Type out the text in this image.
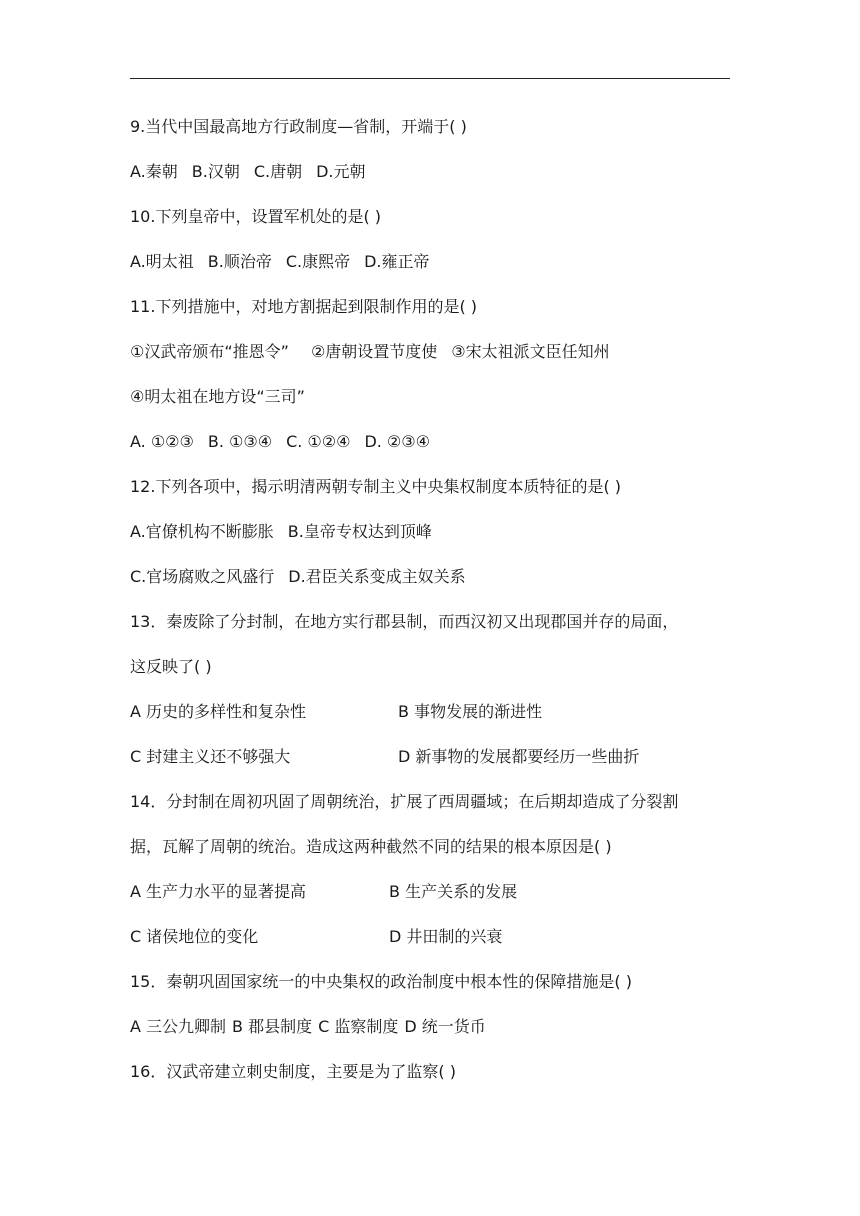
9.当代中国最高地方行政制度—省制，开端于( )
A.秦朝 B.汉朝 C.唐朝 D.元朝
10.下列皇帝中，设置军机处的是( )
A.明太祖 B.顺治帝 C.康熙帝 D.雍正帝
11.下列措施中，对地方割据起到限制作用的是( )
①汉武帝颁布“推恩令” ②唐朝设置节度使 ③宋太祖派文臣任知州
④明太祖在地方设“三司”
A. ①②③ B. ①③④ C. ①②④ D. ②③④
12.下列各项中，揭示明清两朝专制主义中央集权制度本质特征的是( )
A.官僚机构不断膨胀 B.皇帝专权达到顶峰
C.官场腐败之风盛行 D.君臣关系变成主奴关系
13．秦废除了分封制，在地方实行郡县制，而西汉初又出现郡国并存的局面，
这反映了( )
A 历史的多样性和复杂性	B 事物发展的渐进性
C 封建主义还不够强大	D 新事物的发展都要经历一些曲折
14．分封制在周初巩固了周朝统治，扩展了西周疆域；在后期却造成了分裂割
据，瓦解了周朝的统治。造成这两种截然不同的结果的根本原因是( )
A 生产力水平的显著提高	B 生产关系的发展
C 诸侯地位的变化	D 井田制的兴衰
15．秦朝巩固国家统一的中央集权的政治制度中根本性的保障措施是( )
A 三公九卿制 B 郡县制度 C 监察制度 D 统一货币
16．汉武帝建立刺史制度，主要是为了监察( )
